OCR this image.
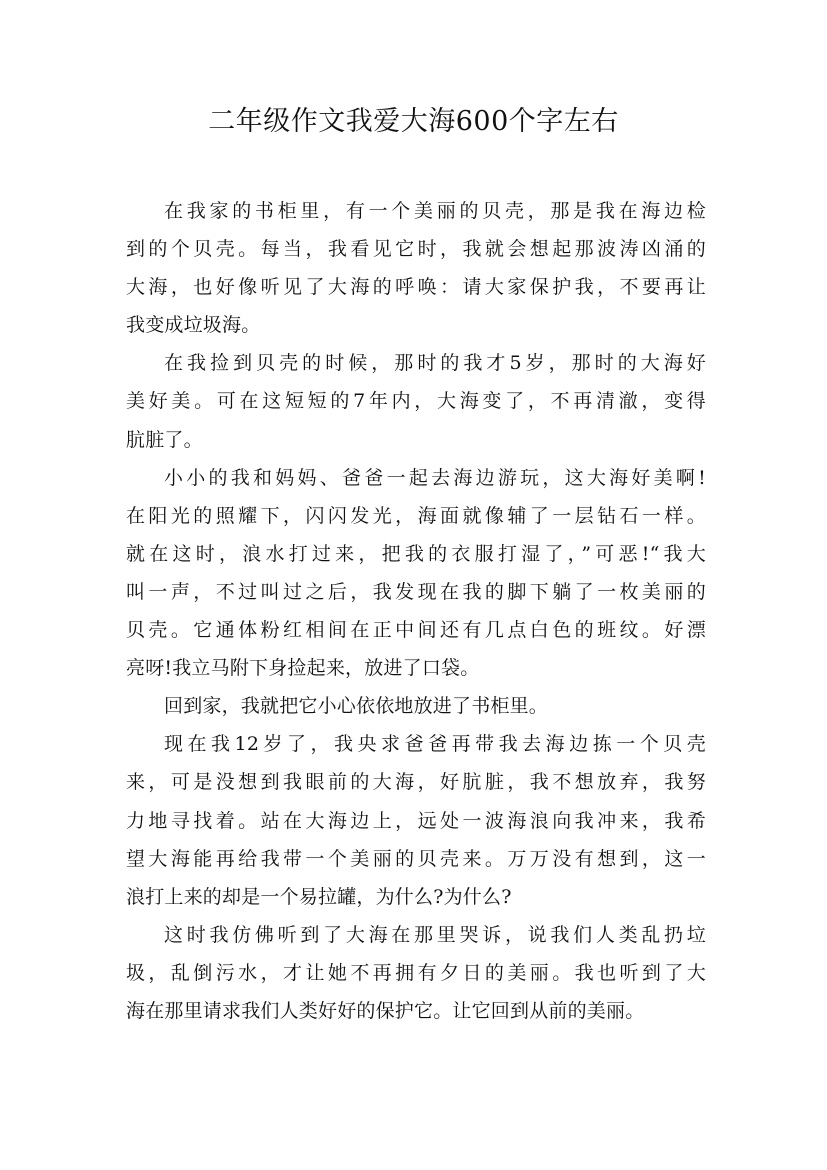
二年级作文我爱大海600个字左右
在我家的书柜里，有一个美丽的贝壳，那是我在海边检
到的个贝壳。每当，我看见它时，我就会想起那波涛凶涌的
大海，也好像听见了大海的呼唤：请大家保护我，不要再让
我变成垃圾海。
在我捡到贝壳的时候，那时的我才5岁，那时的大海好
美好美。可在这短短的7年内，大海变了，不再清澈，变得
肮脏了。
小小的我和妈妈、爸爸一起去海边游玩，这大海好美啊!
在阳光的照耀下，闪闪发光，海面就像辅了一层钻石一样。
就在这时，浪水打过来，把我的衣服打湿了，”可恶!“我大
叫一声，不过叫过之后，我发现在我的脚下躺了一枚美丽的
贝壳。它通体粉红相间在正中间还有几点白色的班纹。好漂
亮呀!我立马附下身捡起来，放进了口袋。
回到家，我就把它小心依依地放进了书柜里。
现在我12岁了，我央求爸爸再带我去海边拣一个贝壳
来，可是没想到我眼前的大海，好肮脏，我不想放弃，我努
力地寻找着。站在大海边上，远处一波海浪向我冲来，我希
望大海能再给我带一个美丽的贝壳来。万万没有想到，这一
浪打上来的却是一个易拉罐，为什么?为什么?
这时我仿佛听到了大海在那里哭诉，说我们人类乱扔垃
圾，乱倒污水，才让她不再拥有夕日的美丽。我也听到了大
海在那里请求我们人类好好的保护它。让它回到从前的美丽。
